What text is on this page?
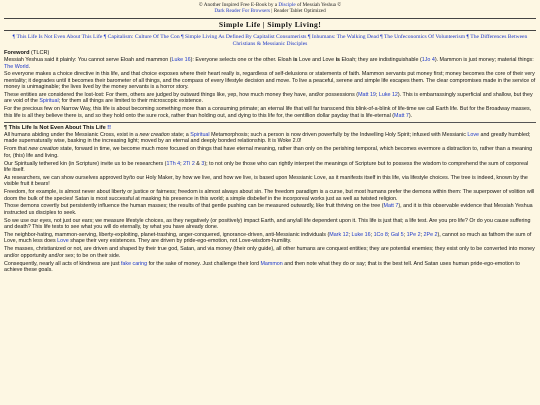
© Another Inspired Free E-Book by a Disciple of Messiah Yeshua ©
Dark Reader For Browsers | Reader Tablet Optimized
Simple Life | Simply Living!
¶ This Life Is Not Even About This Life ¶ Capitalism: Culture Of The Con ¶ Simple Living As Defined By Capitalist Consumerists ¶ Inhumans: The Walking Dead ¶ The Unfeconomics Of Volunteerism ¶ The Differences Between Christians & Messianic Disciples
Foreword (TLCR)

Messiah Yeshua said it plainly: You cannot serve Eloah and mammon (Luke 16): Everyone selects one or the other. Eloah is Love and Love is Eloah; they are indistinguishable (1Jo 4). Mammon is just money; material things: The World.

So everyone makes a choice directive in this life, and that choice exposes where their heart really is, regardless of self-delusions or statements of faith. Mammon servants put money first; money becomes the core of their very mentality; it degrades until it becomes their barometer of all things, and the compass of every lifestyle decision and move. To live a peaceful, serene and simple life escapes them. The clear compromises made in the service of money is unimaginable; the lives lived by the money servants is a horror story.

These entities are considered the lost-lost: For them, others are judged by outward things like, yep, how much money they have, and/or possessions (Matt 19; Luke 12). This is embarrassingly superficial and shallow, but they are void of the Spiritual; for them all things are limited to their microscopic existence.

For the precious few on Narrow Way, this life is about becoming something more than a consuming primate; an eternal life that will far transcend this blink-of-a-blink of life-time we call Earth life. But for the Broadway masses, this life is all they believe there is, and so they hold onto the sure rock, rather than holding out, and dying to this life for, the oentillion dollar payday that is life-eternal (Matt 7).

¶ This Life Is Not Even About This Life !!

All humans abiding under the Messianic Cross, exist in a new creation state; a Spiritual Metamorphosis; such a person is now driven powerfully by the Indwelling Holy Spirit; infused with Messianic Love and greatly humbled; made supernaturally wise, basking in the increasing light; moved by an eternal and deeply bonded relationship. It is Woke 2.0!

From that new creation state, forward in time, we become much more focused on things that have eternal meaning, rather than only on the perishing temporal, which becomes evermore a distraction to, rather than a meaning for, (this) life and living.

Our Spiritually tethered kin (in Scripture) invite us to be researchers (1Th 4; 2Ti 2 & 3); to not only be those who can rightly interpret the meanings of Scripture but to possess the wisdom to comprehend the sum of corporeal life itself.

As researchers, we can show ourselves approved by/to our Holy Maker, by how we live, and how we live, is based upon Messianic Love, as it manifests itself in this life, via lifestyle choices. The tree is indeed, known by the visible fruit it bears!

Freedom, for example, is almost never about liberty or justice or fairness; freedom is almost always about sin. The freedom paradigm is a curse, but most humans prefer the demons within them: The superpower of volition will doom the bulk of the species! Satan is most successful at masking his presence in this world; a simple disbelief in the incorporeal works just as well as twisted religion.

Those demons covertly but persistently influence the human masses; the results of that gentle pushing can be measured outwardly, like fruit thriving on the tree (Matt 7), and it is this observable evidence that Messiah Yeshua instructed us disciples to seek.

So we use our eyes, not just our ears; we measure lifestyle choices, as they negatively (or positively) impact Earth, and any/all life dependent upon it. This life is just that; a life test. Are you pro life? Or do you cause suffering and death? This life tests to see what you will do eternally, by what you have already done.

The neighbor-hating, mammon-serving, liberty-exploiting, planet-trashing, anger-conquered, ignorance-driven, anti-Messianic individuals (Mark 12; Luke 16; 1Co 8; Gal 5; 1Pe 2; 2Pe 2), cannot so much as fathom the sum of Love, much less does Love shape their very existences. They are driven by pride-ego-emotion, not Love-wisdom-humility.

The masses, christianized or not, are driven and shaped by their true god, Satan, and via money (their only guide), all other humans are conquest entities; they are potential enemies; they exist only to be converted into money and/or opportunity and/or sex; to be on their side.

Consequently, nearly all acts of kindness are just fake caring for the sake of money. Just challenge their lord Mammon and then note what they do or say; that is the best tell. And Satan uses human pride-ego-emotion to achieve these goals.
